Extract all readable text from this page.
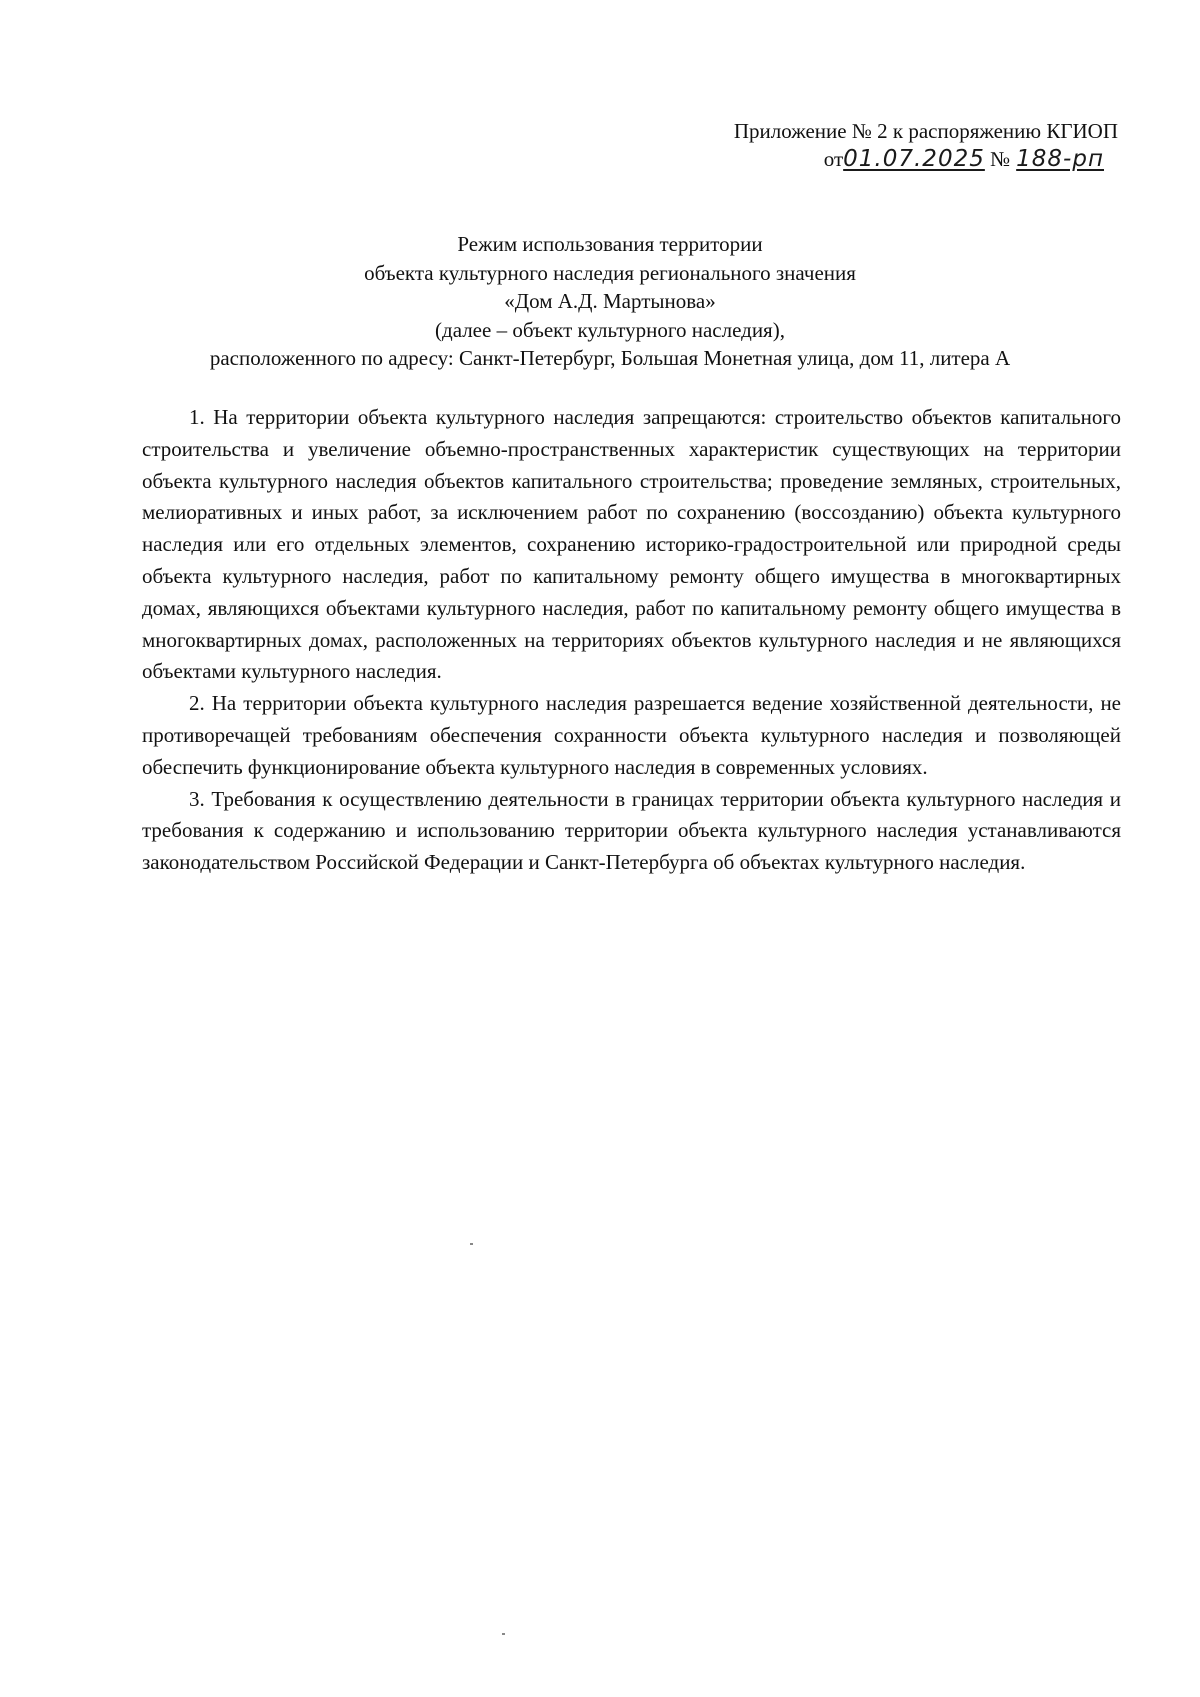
Приложение № 2 к распоряжению КГИОП
от01.07.2025 № 188-рп
Режим использования территории
объекта культурного наследия регионального значения
«Дом А.Д. Мартынова»
(далее – объект культурного наследия),
расположенного по адресу: Санкт-Петербург, Большая Монетная улица, дом 11, литера А

1. На территории объекта культурного наследия запрещаются: строительство объектов капитального строительства и увеличение объемно-пространственных характеристик существующих на территории объекта культурного наследия объектов капитального строительства; проведение земляных, строительных, мелиоративных и иных работ, за исключением работ по сохранению (воссозданию) объекта культурного наследия или его отдельных элементов, сохранению историко-градостроительной или природной среды объекта культурного наследия, работ по капитальному ремонту общего имущества в многоквартирных домах, являющихся объектами культурного наследия, работ по капитальному ремонту общего имущества в многоквартирных домах, расположенных на территориях объектов культурного наследия и не являющихся объектами культурного наследия.

2. На территории объекта культурного наследия разрешается ведение хозяйственной деятельности, не противоречащей требованиям обеспечения сохранности объекта культурного наследия и позволяющей обеспечить функционирование объекта культурного наследия в современных условиях.

3. Требования к осуществлению деятельности в границах территории объекта культурного наследия и требования к содержанию и использованию территории объекта культурного наследия устанавливаются законодательством Российской Федерации и Санкт-Петербурга об объектах культурного наследия.
